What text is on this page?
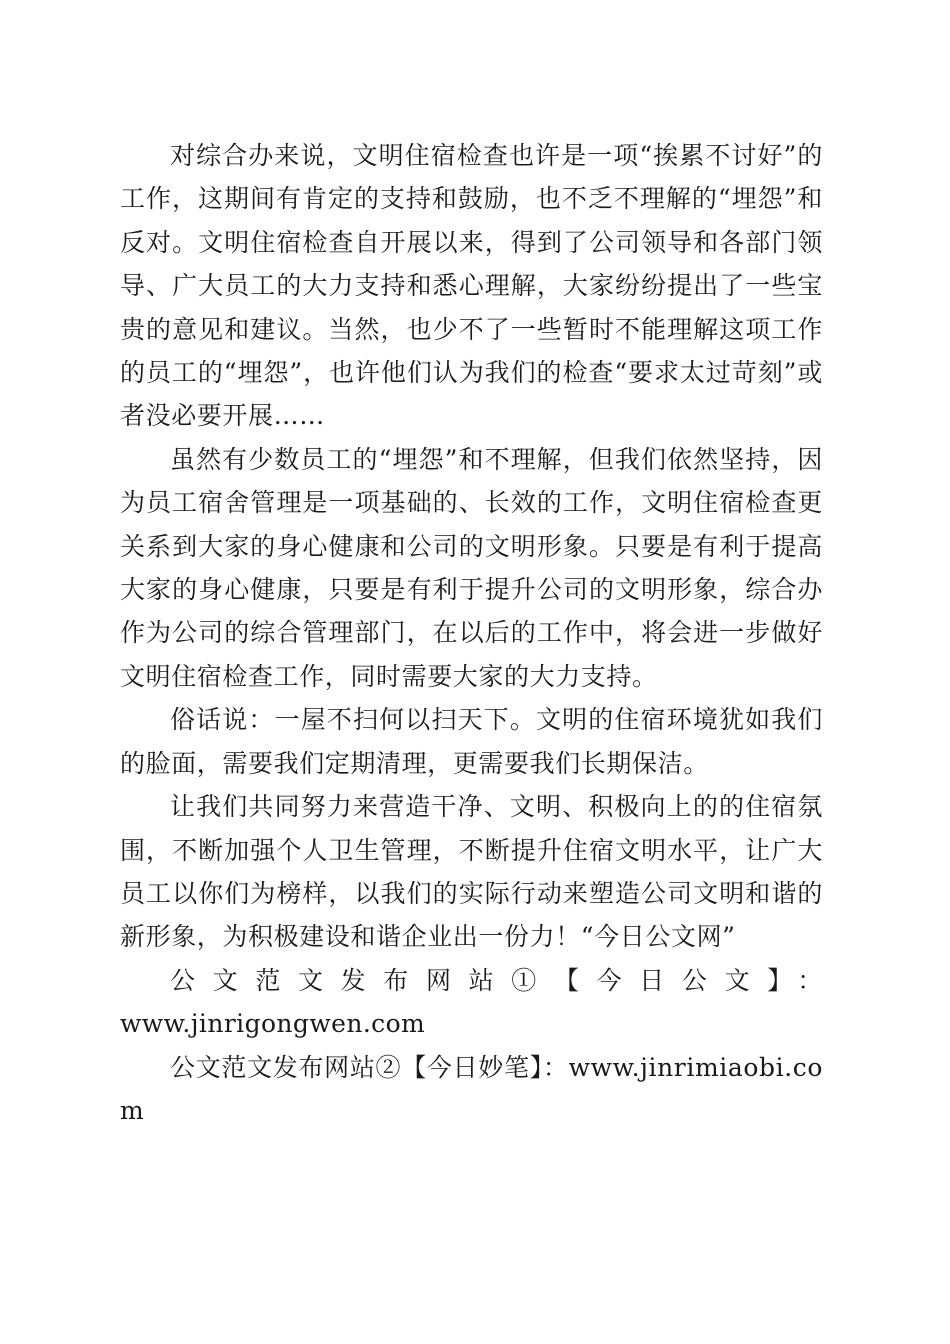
对综合办来说，文明住宿检查也许是一项“挨累不讨好”的工作，这期间有肯定的支持和鼓励，也不乏不理解的“埋怨”和反对。文明住宿检查自开展以来，得到了公司领导和各部门领导、广大员工的大力支持和悉心理解，大家纷纷提出了一些宝贵的意见和建议。当然，也少不了一些暂时不能理解这项工作的员工的“埋怨”，也许他们认为我们的检查“要求太过苛刻”或者没必要开展……

虽然有少数员工的“埋怨”和不理解，但我们依然坚持，因为员工宿舍管理是一项基础的、长效的工作，文明住宿检查更关系到大家的身心健康和公司的文明形象。只要是有利于提高大家的身心健康，只要是有利于提升公司的文明形象，综合办作为公司的综合管理部门，在以后的工作中，将会进一步做好文明住宿检查工作，同时需要大家的大力支持。

俗话说：一屋不扫何以扫天下。文明的住宿环境犹如我们的脸面，需要我们定期清理，更需要我们长期保洁。

让我们共同努力来营造干净、文明、积极向上的的住宿氛围，不断加强个人卫生管理，不断提升住宿文明水平，让广大员工以你们为榜样，以我们的实际行动来塑造公司文明和谐的新形象，为积极建设和谐企业出一份力！“今日公文网”

公文范文发布网站①【今日公文】：

www.jinrigongwen.com

公文范文发布网站②【今日妙笔】：www.jinrimiaobi.com
